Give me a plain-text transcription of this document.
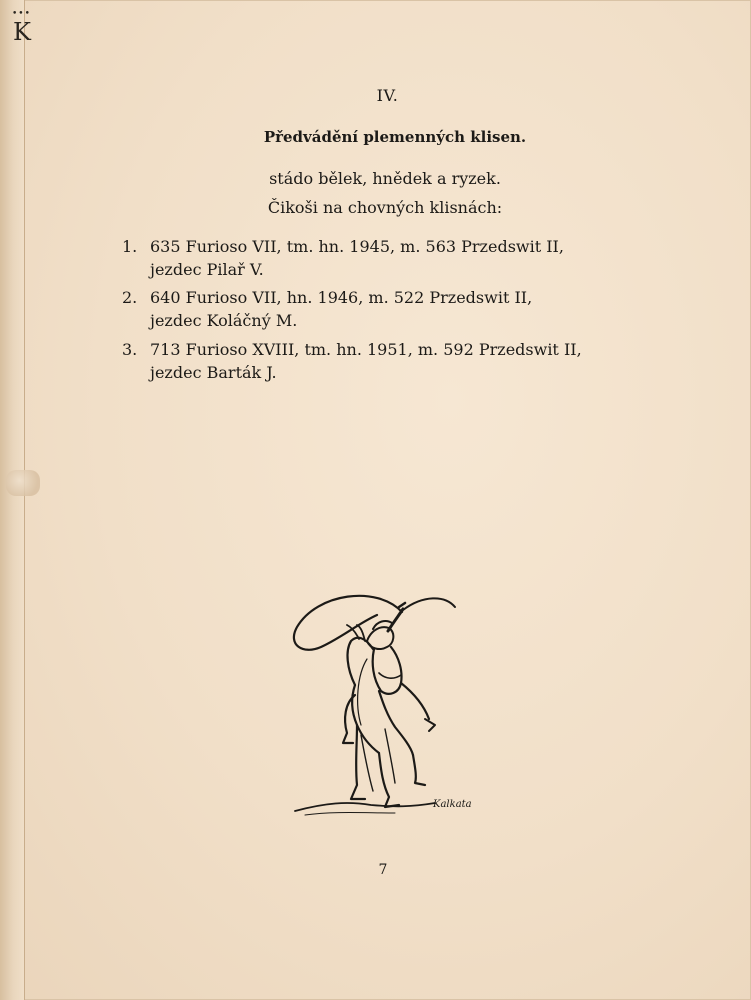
•••
K
IV.
Předvádění plemenných klisen.
stádo bělek, hnědek a ryzek.
Čikoši na chovných klisnách:
1. 635 Furioso VII, tm. hn. 1945, m. 563 Przedswit II,
jezdec Pilař V.
2. 640 Furioso VII, hn. 1946, m. 522 Przedswit II,
jezdec Koláčný M.
3. 713 Furioso XVIII, tm. hn. 1951, m. 592 Przedswit II,
jezdec Barták J.
Kalkata
7
